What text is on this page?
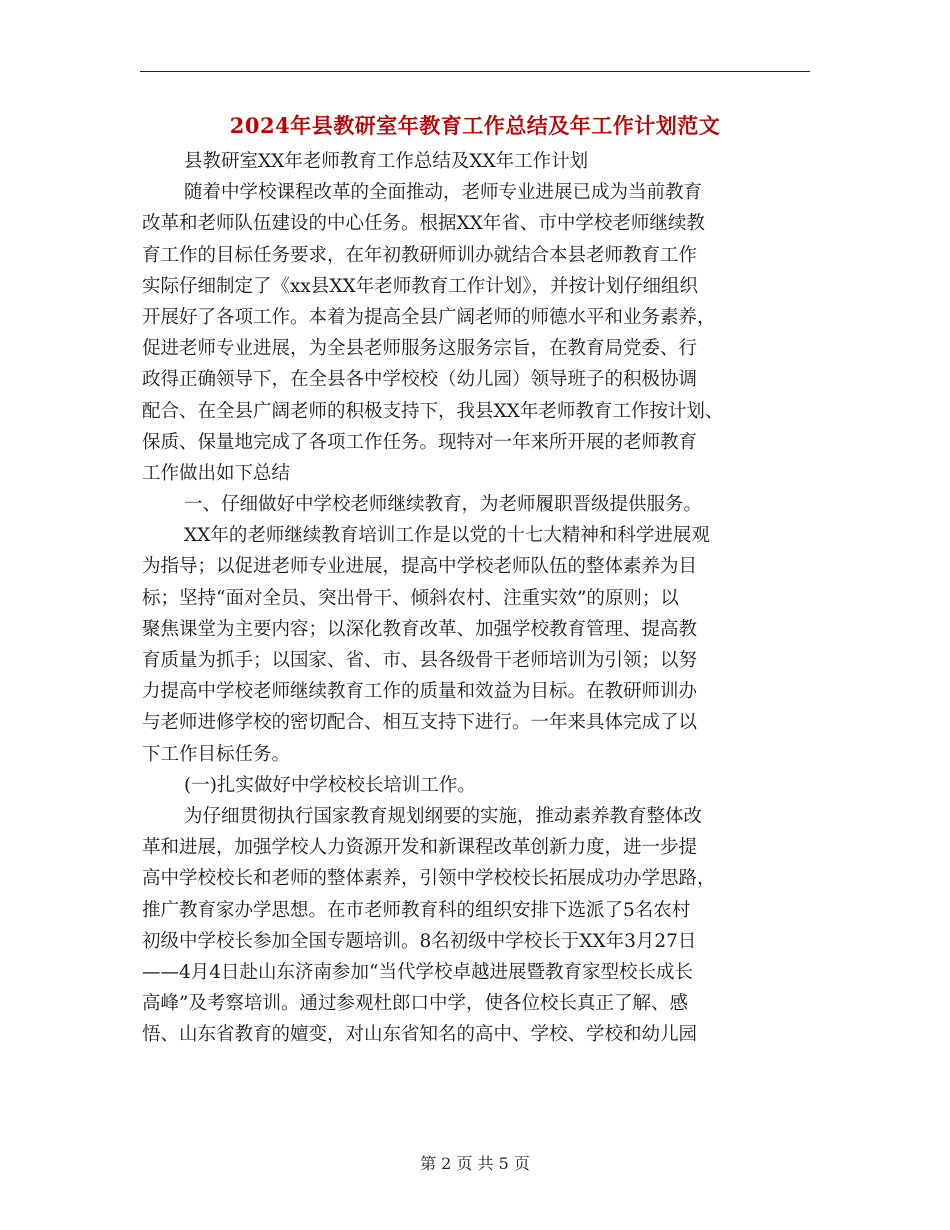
2024年县教研室年教育工作总结及年工作计划范文
县教研室XX年老师教育工作总结及XX年工作计划
随着中学校课程改革的全面推动，老师专业进展已成为当前教育
改革和老师队伍建设的中心任务。根据XX年省、市中学校老师继续教
育工作的目标任务要求，在年初教研师训办就结合本县老师教育工作
实际仔细制定了《xx县XX年老师教育工作计划》，并按计划仔细组织
开展好了各项工作。本着为提高全县广阔老师的师德水平和业务素养，
促进老师专业进展，为全县老师服务这服务宗旨，在教育局党委、行
政得正确领导下，在全县各中学校校（幼儿园）领导班子的积极协调
配合、在全县广阔老师的积极支持下，我县XX年老师教育工作按计划、
保质、保量地完成了各项工作任务。现特对一年来所开展的老师教育
工作做出如下总结
一、仔细做好中学校老师继续教育，为老师履职晋级提供服务。
XX年的老师继续教育培训工作是以党的十七大精神和科学进展观
为指导；以促进老师专业进展，提高中学校老师队伍的整体素养为目
标；坚持“面对全员、突出骨干、倾斜农村、注重实效”的原则；以
聚焦课堂为主要内容；以深化教育改革、加强学校教育管理、提高教
育质量为抓手；以国家、省、市、县各级骨干老师培训为引领；以努
力提高中学校老师继续教育工作的质量和效益为目标。在教研师训办
与老师进修学校的密切配合、相互支持下进行。一年来具体完成了以
下工作目标任务。
(一)扎实做好中学校校长培训工作。
为仔细贯彻执行国家教育规划纲要的实施，推动素养教育整体改
革和进展，加强学校人力资源开发和新课程改革创新力度，进一步提
高中学校校长和老师的整体素养，引领中学校校长拓展成功办学思路，
推广教育家办学思想。在市老师教育科的组织安排下选派了5名农村
初级中学校长参加全国专题培训。8名初级中学校长于XX年3月27日
——4月4日赴山东济南参加“当代学校卓越进展暨教育家型校长成长
高峰”及考察培训。通过参观杜郎口中学，使各位校长真正了解、感
悟、山东省教育的嬗变，对山东省知名的高中、学校、学校和幼儿园
第 2 页 共 5 页
